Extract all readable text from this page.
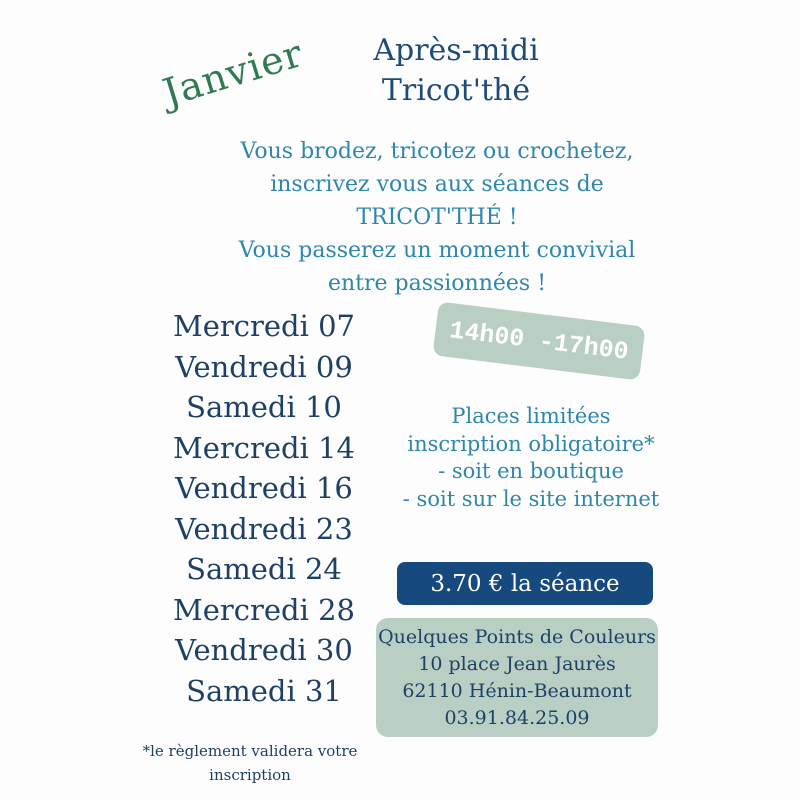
Janvier Après-midi
Tricot'thé
Vous brodez, tricotez ou crochetez,
inscrivez vous aux séances de
TRICOT'THÉ !
Vous passerez un moment convivial
entre passionnées !
Mercredi 07
Vendredi 09
Samedi 10
Mercredi 14
Vendredi 16
Vendredi 23
Samedi 24
Mercredi 28
Vendredi 30
Samedi 31
14h00 -17h00
Places limitées
inscription obligatoire*
- soit en boutique
- soit sur le site internet
3.70 € la séance
Quelques Points de Couleurs
10 place Jean Jaurès
62110 Hénin-Beaumont
03.91.84.25.09
*le règlement validera votre
inscription
